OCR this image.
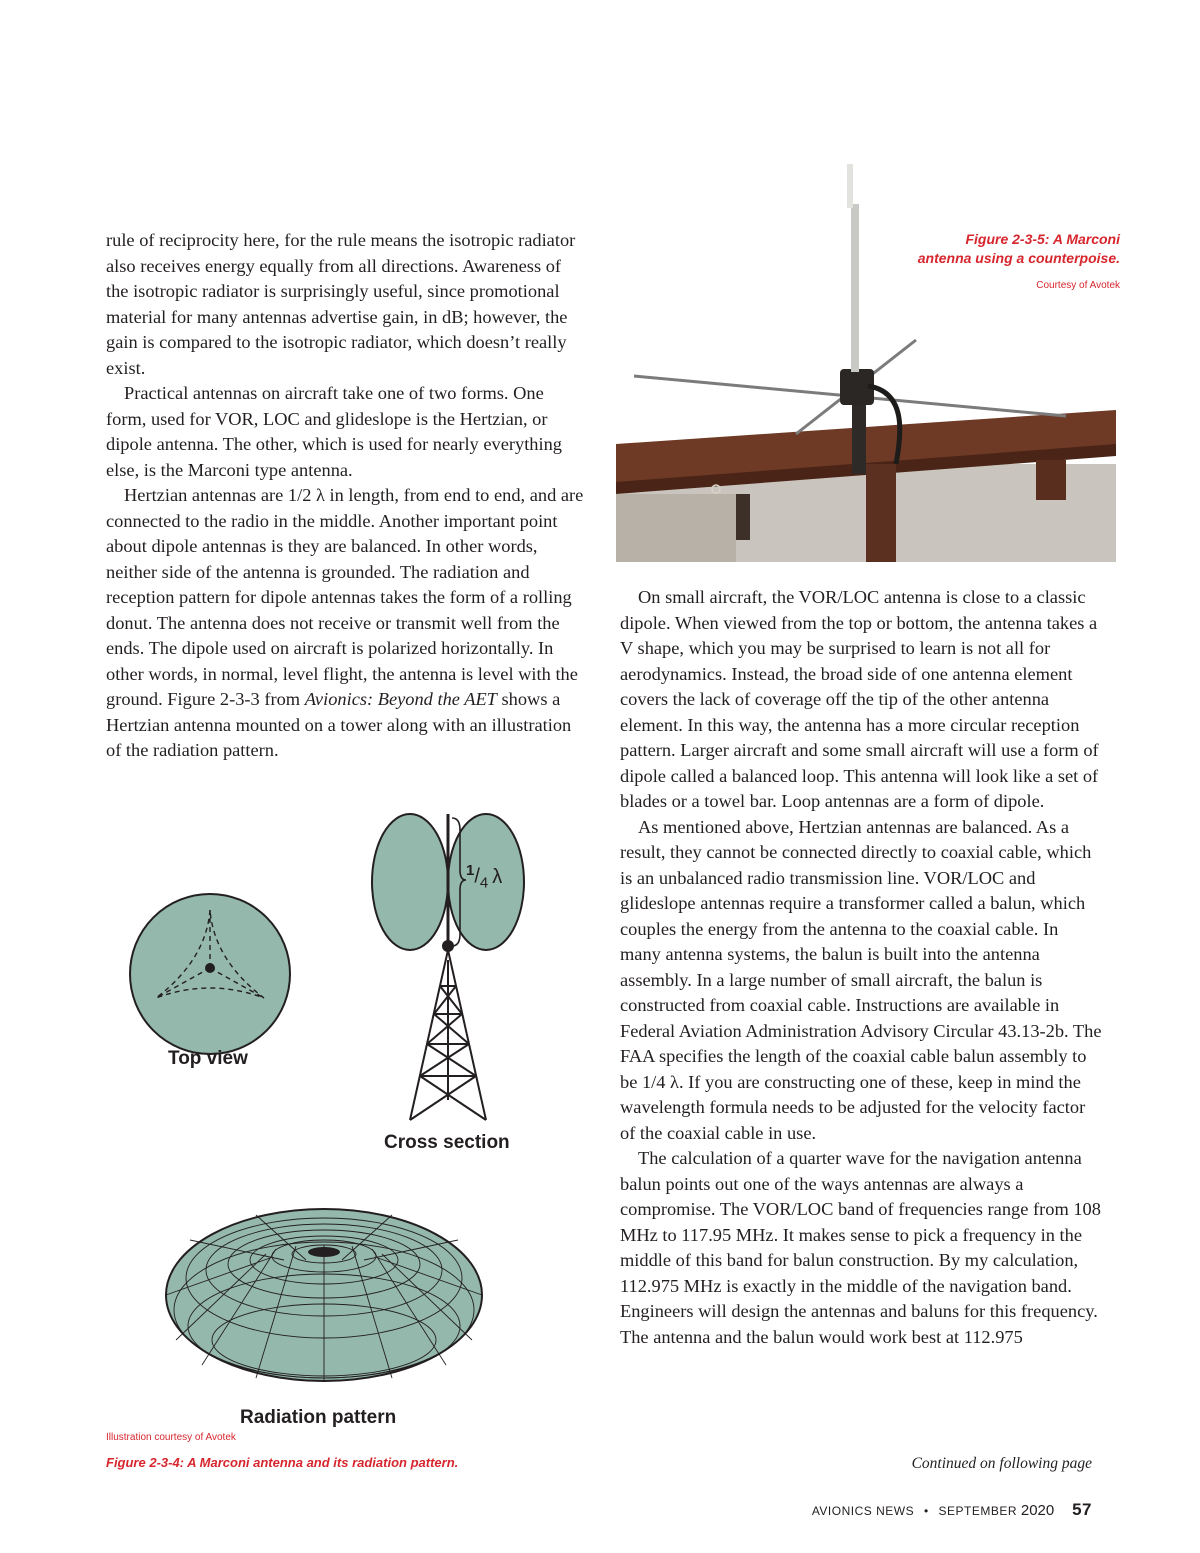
rule of reciprocity here, for the rule means the isotropic radiator also receives energy equally from all directions. Awareness of the isotropic radiator is surprisingly useful, since promotional material for many antennas advertise gain, in dB; however, the gain is compared to the isotropic radiator, which doesn’t really exist.

Practical antennas on aircraft take one of two forms. One form, used for VOR, LOC and glideslope is the Hertzian, or dipole antenna. The other, which is used for nearly everything else, is the Marconi type antenna.

Hertzian antennas are 1/2 λ in length, from end to end, and are connected to the radio in the middle. Another important point about dipole antennas is they are balanced. In other words, neither side of the antenna is grounded. The radiation and reception pattern for dipole antennas takes the form of a rolling donut. The antenna does not receive or transmit well from the ends. The dipole used on aircraft is polarized horizontally. In other words, in normal, level flight, the antenna is level with the ground. Figure 2-3-3 from Avionics: Beyond the AET shows a Hertzian antenna mounted on a tower along with an illustration of the radiation pattern.

Figure 2-3-5: A Marconi
antenna using a counterpoise.
Courtesy of Avotek

On small aircraft, the VOR/LOC antenna is close to a classic dipole. When viewed from the top or bottom, the antenna takes a V shape, which you may be surprised to learn is not all for aerodynamics. Instead, the broad side of one antenna element covers the lack of coverage off the tip of the other antenna element. In this way, the antenna has a more circular reception pattern. Larger aircraft and some small aircraft will use a form of dipole called a balanced loop. This antenna will look like a set of blades or a towel bar. Loop antennas are a form of dipole.

As mentioned above, Hertzian antennas are balanced. As a result, they cannot be connected directly to coaxial cable, which is an unbalanced radio transmission line. VOR/LOC and glideslope antennas require a transformer called a balun, which couples the energy from the antenna to the coaxial cable. In many antenna systems, the balun is built into the antenna assembly. In a large number of small aircraft, the balun is constructed from coaxial cable. Instructions are available in Federal Aviation Administration Advisory Circular 43.13-2b. The FAA specifies the length of the coaxial cable balun assembly to be 1/4 λ. If you are constructing one of these, keep in mind the wavelength formula needs to be adjusted for the velocity factor of the coaxial cable in use.

The calculation of a quarter wave for the navigation antenna balun points out one of the ways antennas are always a compromise. The VOR/LOC band of frequencies range from 108 MHz to 117.95 MHz. It makes sense to pick a frequency in the middle of this band for balun construction. By my calculation, 112.975 MHz is exactly in the middle of the navigation band. Engineers will design the antennas and baluns for this frequency. The antenna and the balun would work best at 112.975

Top view
Cross section
Radiation pattern
$^1/_4$ λ
Illustration courtesy of Avotek
Figure 2-3-4: A Marconi antenna and its radiation pattern.	Continued on following page
AVIONICS NEWS • SEPTEMBER 2020 57
